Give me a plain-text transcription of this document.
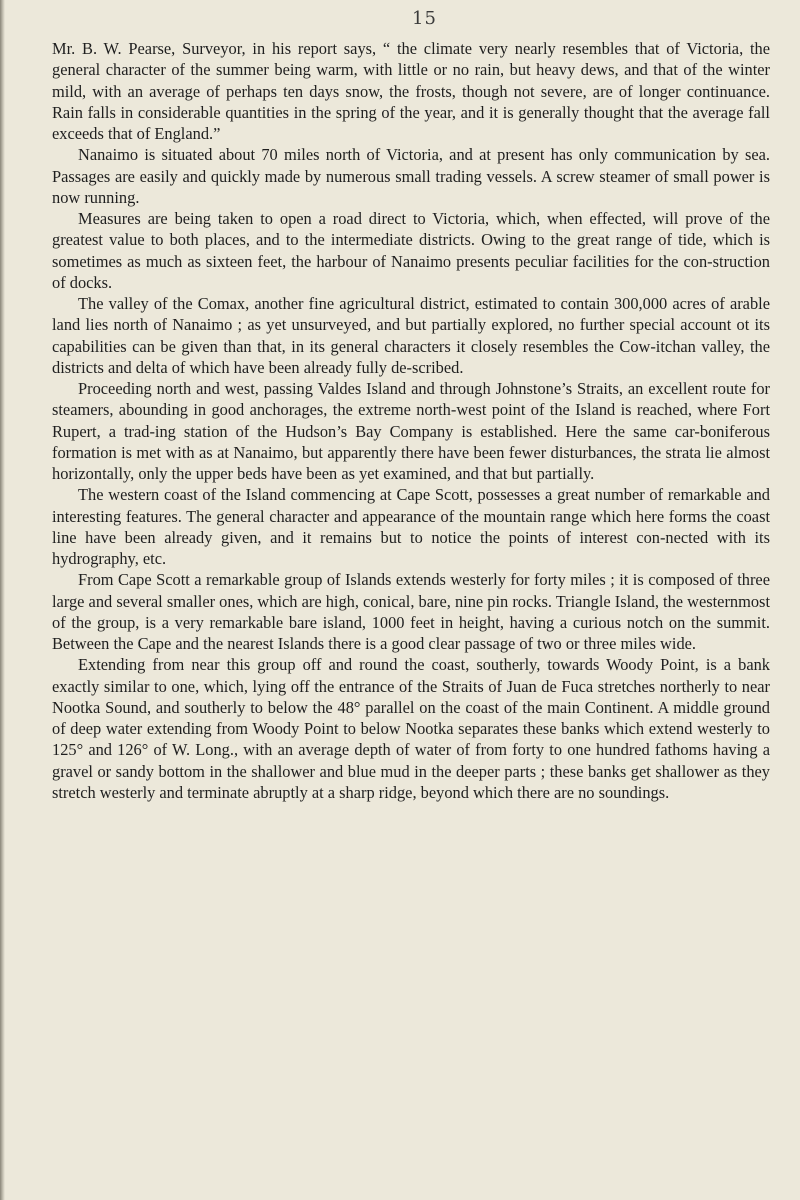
15

Mr. B. W. Pearse, Surveyor, in his report says, “ the climate very nearly resembles that of Victoria, the general character of the summer being warm, with little or no rain, but heavy dews, and that of the winter mild, with an average of perhaps ten days snow, the frosts, though not severe, are of longer continuance. Rain falls in considerable quantities in the spring of the year, and it is generally thought that the average fall exceeds that of England.”

Nanaimo is situated about 70 miles north of Victoria, and at present has only communication by sea. Passages are easily and quickly made by numerous small trading vessels. A screw steamer of small power is now running.

Measures are being taken to open a road direct to Victoria, which, when effected, will prove of the greatest value to both places, and to the intermediate districts. Owing to the great range of tide, which is sometimes as much as sixteen feet, the harbour of Nanaimo presents peculiar facilities for the con-struction of docks.

The valley of the Comax, another fine agricultural district, estimated to contain 300,000 acres of arable land lies north of Nanaimo ; as yet unsurveyed, and but partially explored, no further special account ot its capabilities can be given than that, in its general characters it closely resembles the Cow-itchan valley, the districts and delta of which have been already fully de-scribed.

Proceeding north and west, passing Valdes Island and through Johnstone’s Straits, an excellent route for steamers, abounding in good anchorages, the extreme north-west point of the Island is reached, where Fort Rupert, a trad-ing station of the Hudson’s Bay Company is established. Here the same car-boniferous formation is met with as at Nanaimo, but apparently there have been fewer disturbances, the strata lie almost horizontally, only the upper beds have been as yet examined, and that but partially.

The western coast of the Island commencing at Cape Scott, possesses a great number of remarkable and interesting features. The general character and appearance of the mountain range which here forms the coast line have been already given, and it remains but to notice the points of interest con-nected with its hydrography, etc.

From Cape Scott a remarkable group of Islands extends westerly for forty miles ; it is composed of three large and several smaller ones, which are high, conical, bare, nine pin rocks. Triangle Island, the westernmost of the group, is a very remarkable bare island, 1000 feet in height, having a curious notch on the summit. Between the Cape and the nearest Islands there is a good clear passage of two or three miles wide.

Extending from near this group off and round the coast, southerly, towards Woody Point, is a bank exactly similar to one, which, lying off the entrance of the Straits of Juan de Fuca stretches northerly to near Nootka Sound, and southerly to below the 48° parallel on the coast of the main Continent. A middle ground of deep water extending from Woody Point to below Nootka separates these banks which extend westerly to 125° and 126° of W. Long., with an average depth of water of from forty to one hundred fathoms having a gravel or sandy bottom in the shallower and blue mud in the deeper parts ; these banks get shallower as they stretch westerly and terminate abruptly at a sharp ridge, beyond which there are no soundings.
